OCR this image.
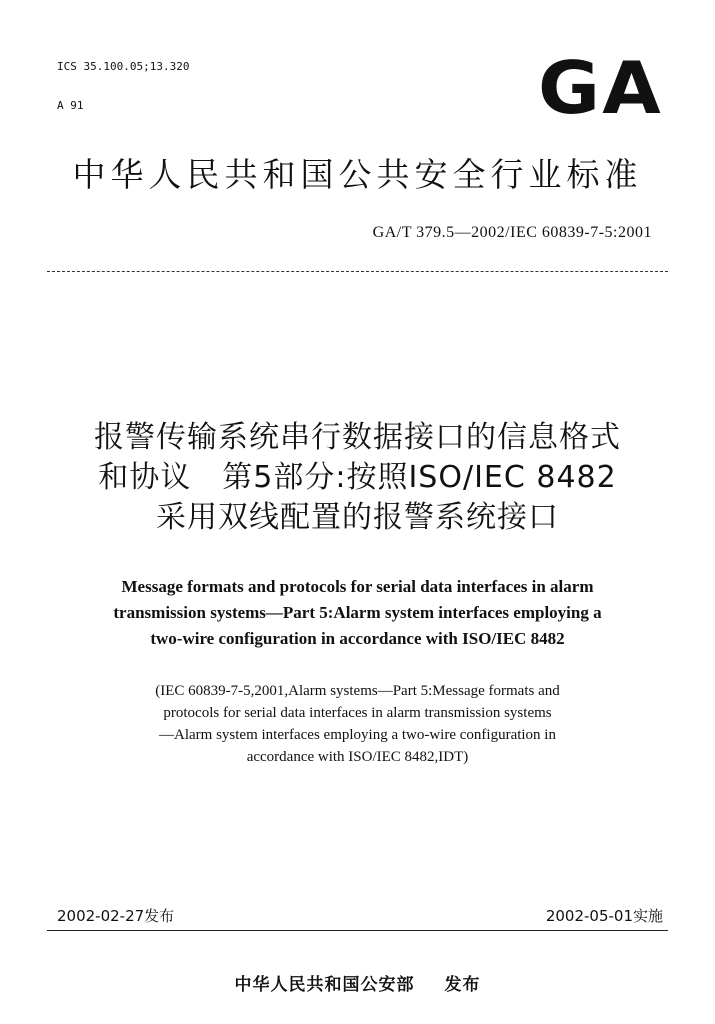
ICS 35.100.05;13.320

A 91	GA
中华人民共和国公共安全行业标准
GA/T 379.5—2002/IEC 60839-7-5:2001
报警传输系统串行数据接口的信息格式
和协议　第5部分:按照ISO/IEC 8482
采用双线配置的报警系统接口
Message formats and protocols for serial data interfaces in alarm
transmission systems—Part 5:Alarm system interfaces employing a
two-wire configuration in accordance with ISO/IEC 8482
(IEC 60839-7-5,2001,Alarm systems—Part 5:Message formats and
protocols for serial data interfaces in alarm transmission systems
—Alarm system interfaces employing a two-wire configuration in
accordance with ISO/IEC 8482,IDT)
2002-02-27发布	2002-05-01实施
中华人民共和国公安部 发布
